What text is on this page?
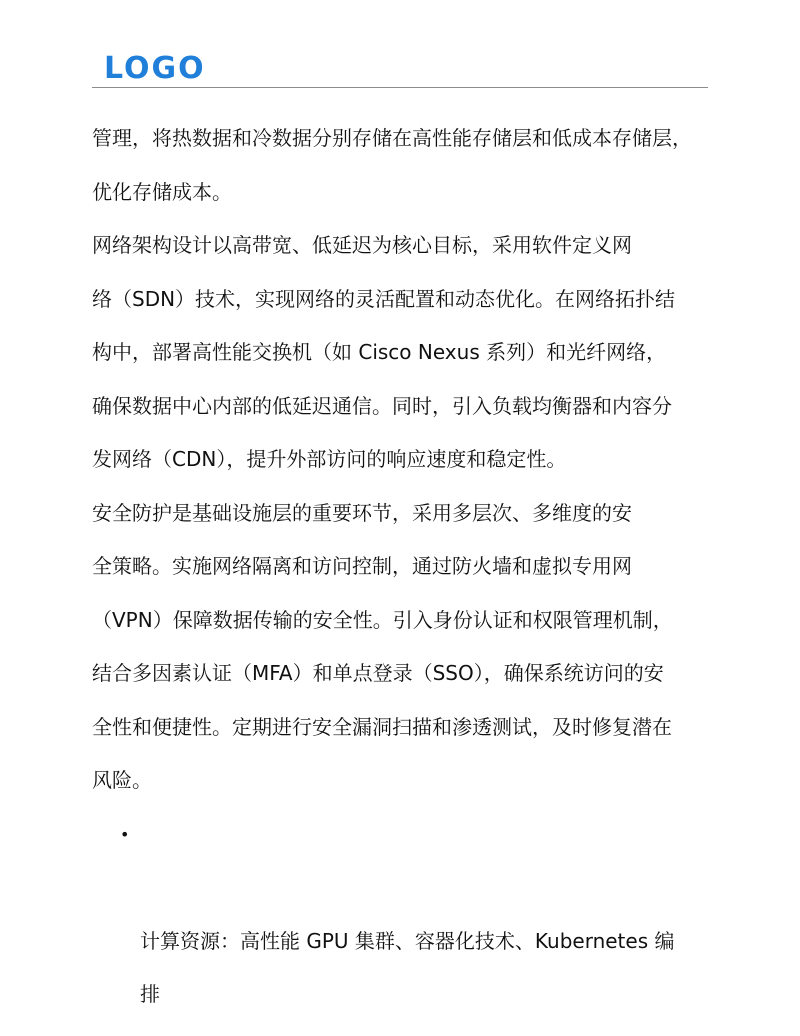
LOGO

管理，将热数据和冷数据分别存储在高性能存储层和低成本存储层，
优化存储成本。

网络架构设计以高带宽、低延迟为核心目标，采用软件定义网
络（SDN）技术，实现网络的灵活配置和动态优化。在网络拓扑结
构中，部署高性能交换机（如 Cisco Nexus 系列）和光纤网络，
确保数据中心内部的低延迟通信。同时，引入负载均衡器和内容分
发网络（CDN），提升外部访问的响应速度和稳定性。

安全防护是基础设施层的重要环节，采用多层次、多维度的安
全策略。实施网络隔离和访问控制，通过防火墙和虚拟专用网
（VPN）保障数据传输的安全性。引入身份认证和权限管理机制，
结合多因素认证（MFA）和单点登录（SSO），确保系统访问的安
全性和便捷性。定期进行安全漏洞扫描和渗透测试，及时修复潜在
风险。

•

计算资源：高性能 GPU 集群、容器化技术、Kubernetes 编
排
